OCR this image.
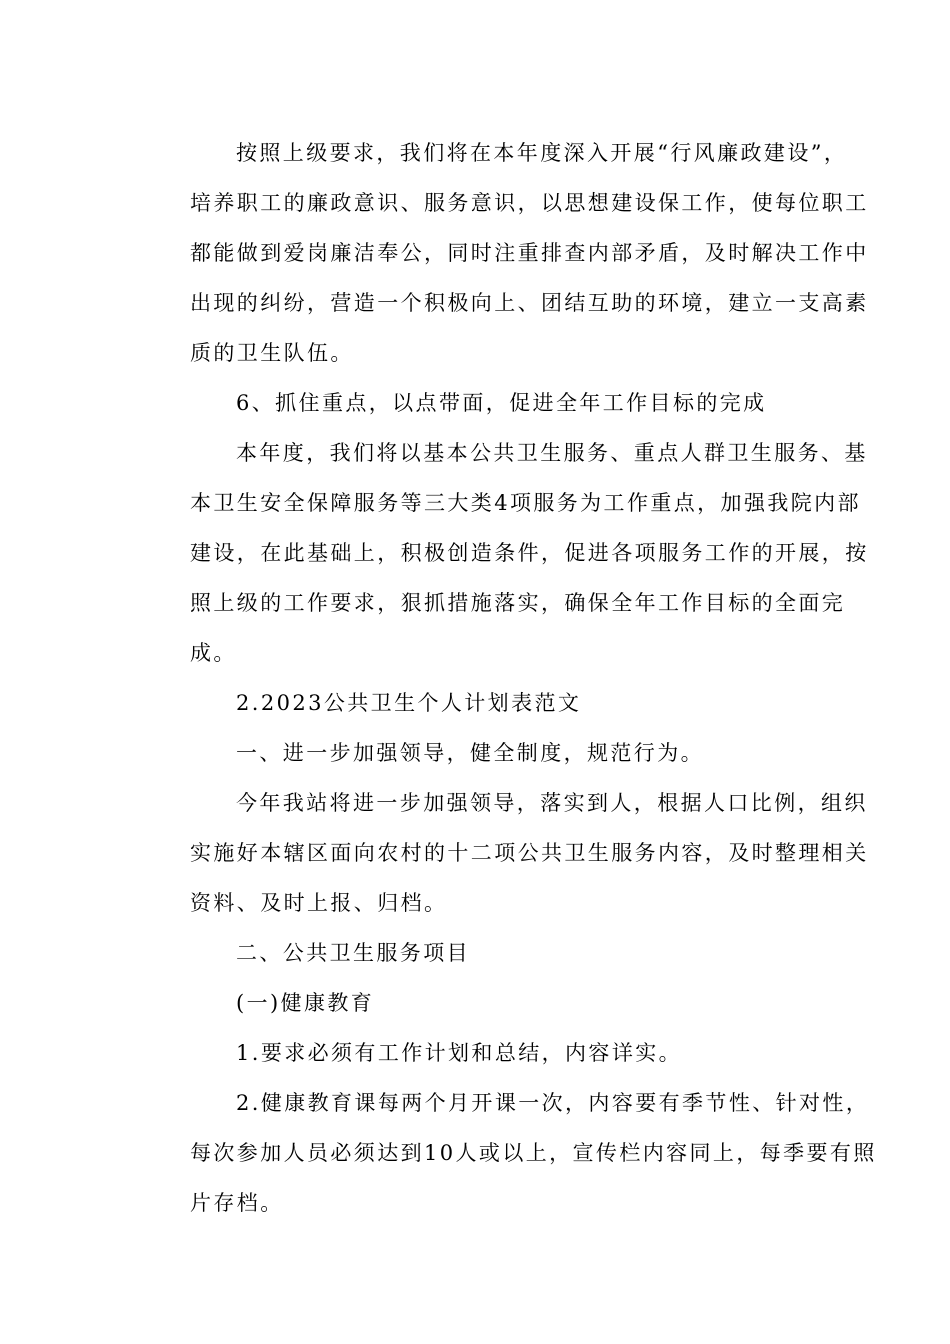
按照上级要求，我们将在本年度深入开展“行风廉政建设”，
培养职工的廉政意识、服务意识，以思想建设保工作，使每位职工
都能做到爱岗廉洁奉公，同时注重排查内部矛盾，及时解决工作中
出现的纠纷，营造一个积极向上、团结互助的环境，建立一支高素
质的卫生队伍。
6、抓住重点，以点带面，促进全年工作目标的完成
本年度，我们将以基本公共卫生服务、重点人群卫生服务、基
本卫生安全保障服务等三大类4项服务为工作重点，加强我院内部
建设，在此基础上，积极创造条件，促进各项服务工作的开展，按
照上级的工作要求，狠抓措施落实，确保全年工作目标的全面完
成。
2.2023公共卫生个人计划表范文
一、进一步加强领导，健全制度，规范行为。
今年我站将进一步加强领导，落实到人，根据人口比例，组织
实施好本辖区面向农村的十二项公共卫生服务内容，及时整理相关
资料、及时上报、归档。
二、公共卫生服务项目
(一)健康教育
1.要求必须有工作计划和总结，内容详实。
2.健康教育课每两个月开课一次，内容要有季节性、针对性，
每次参加人员必须达到10人或以上，宣传栏内容同上，每季要有照
片存档。
